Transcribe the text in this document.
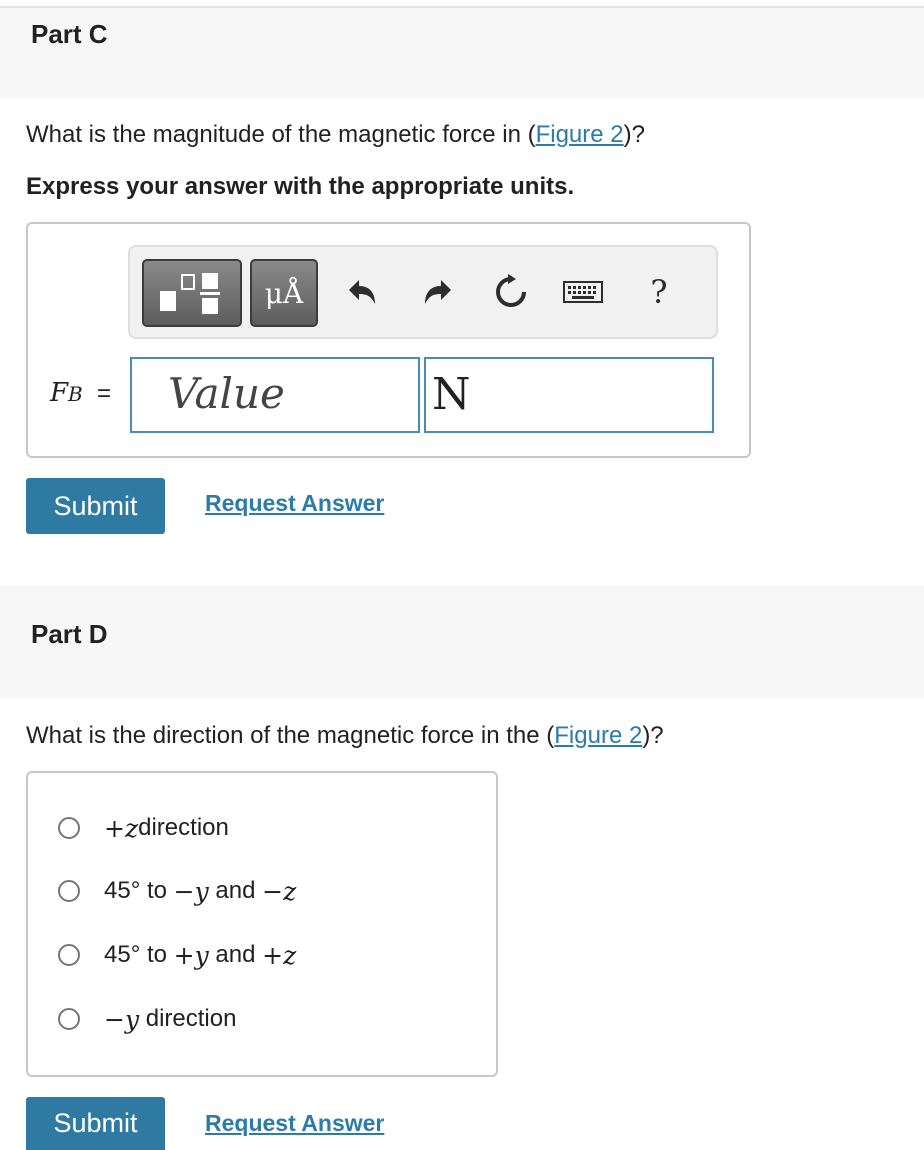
Part C
What is the magnitude of the magnetic force in (Figure 2)?
Express your answer with the appropriate units.
μÅ	?
FB = Value	N
Submit	Request Answer
Part D
What is the direction of the magnetic force in the (Figure 2)?
+ z direction
45° to −y and −z
45° to +y and +z
− y direction
Submit	Request Answer
